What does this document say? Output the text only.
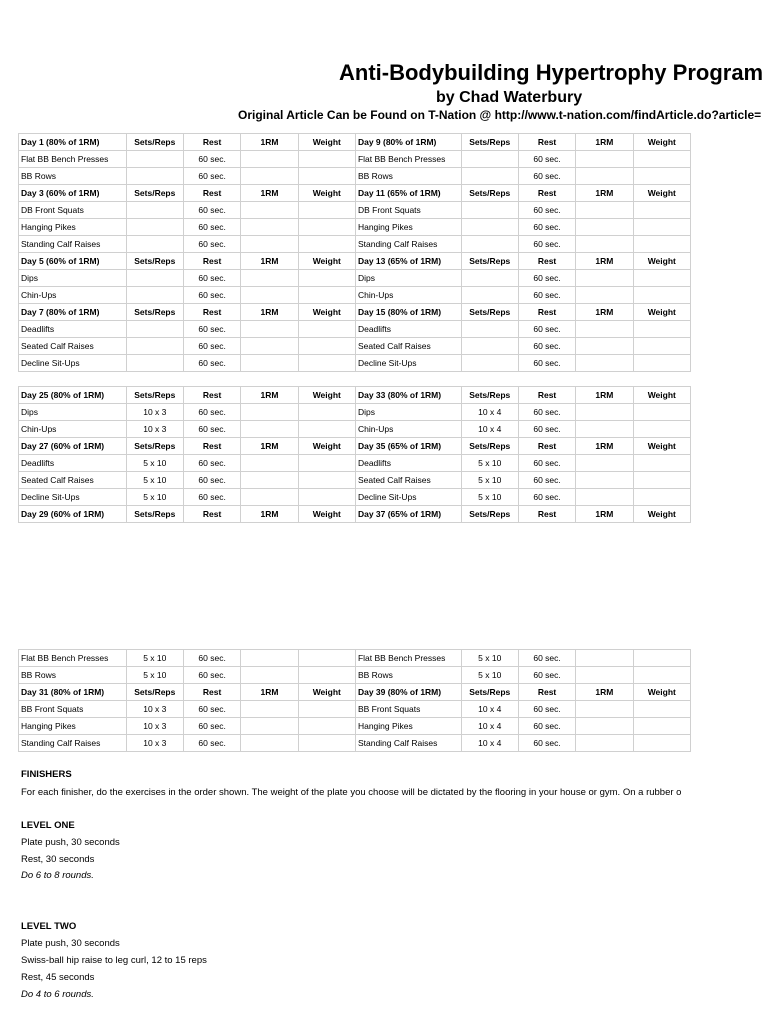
Anti-Bodybuilding Hypertrophy Program
by Chad Waterbury
Original Article Can be Found on T-Nation @ http://www.t-nation.com/findArticle.do?article=
Day 1 (80% of 1RM)	Sets/Reps	Rest	1RM	Weight	Day 9 (80% of 1RM)	Sets/Reps	Rest	1RM	Weight
Flat BB Bench Presses		60 sec.			Flat BB Bench Presses		60 sec.		
BB Rows		60 sec.			BB Rows		60 sec.		
Day 3 (60% of 1RM)	Sets/Reps	Rest	1RM	Weight	Day 11 (65% of 1RM)	Sets/Reps	Rest	1RM	Weight
DB Front Squats		60 sec.			DB Front Squats		60 sec.		
Hanging Pikes		60 sec.			Hanging Pikes		60 sec.		
Standing Calf Raises		60 sec.			Standing Calf Raises		60 sec.		
Day 5 (60% of 1RM)	Sets/Reps	Rest	1RM	Weight	Day 13 (65% of 1RM)	Sets/Reps	Rest	1RM	Weight
Dips		60 sec.			Dips		60 sec.		
Chin-Ups		60 sec.			Chin-Ups		60 sec.		
Day 7 (80% of 1RM)	Sets/Reps	Rest	1RM	Weight	Day 15 (80% of 1RM)	Sets/Reps	Rest	1RM	Weight
Deadlifts		60 sec.			Deadlifts		60 sec.		
Seated Calf Raises		60 sec.			Seated Calf Raises		60 sec.		
Decline Sit-Ups		60 sec.			Decline Sit-Ups		60 sec.		
Day 25 (80% of 1RM)	Sets/Reps	Rest	1RM	Weight	Day 33 (80% of 1RM)	Sets/Reps	Rest	1RM	Weight
Dips	10 x 3	60 sec.			Dips	10 x 4	60 sec.		
Chin-Ups	10 x 3	60 sec.			Chin-Ups	10 x 4	60 sec.		
Day 27 (60% of 1RM)	Sets/Reps	Rest	1RM	Weight	Day 35 (65% of 1RM)	Sets/Reps	Rest	1RM	Weight
Deadlifts	5 x 10	60 sec.			Deadlifts	5 x 10	60 sec.		
Seated Calf Raises	5 x 10	60 sec.			Seated Calf Raises	5 x 10	60 sec.		
Decline Sit-Ups	5 x 10	60 sec.			Decline Sit-Ups	5 x 10	60 sec.		
Day 29 (60% of 1RM)	Sets/Reps	Rest	1RM	Weight	Day 37 (65% of 1RM)	Sets/Reps	Rest	1RM	Weight
Flat BB Bench Presses	5 x 10	60 sec.			Flat BB Bench Presses	5 x 10	60 sec.		
BB Rows	5 x 10	60 sec.			BB Rows	5 x 10	60 sec.		
Day 31 (80% of 1RM)	Sets/Reps	Rest	1RM	Weight	Day 39 (80% of 1RM)	Sets/Reps	Rest	1RM	Weight
BB Front Squats	10 x 3	60 sec.			BB Front Squats	10 x 4	60 sec.		
Hanging Pikes	10 x 3	60 sec.			Hanging Pikes	10 x 4	60 sec.		
Standing Calf Raises	10 x 3	60 sec.			Standing Calf Raises	10 x 4	60 sec.		
FINISHERS
For each finisher, do the exercises in the order shown. The weight of the plate you choose will be dictated by the flooring in your house or gym. On a rubber o
LEVEL ONE
Plate push, 30 seconds
Rest, 30 seconds
Do 6 to 8 rounds.
LEVEL TWO
Plate push, 30 seconds
Swiss-ball hip raise to leg curl, 12 to 15 reps
Rest, 45 seconds
Do 4 to 6 rounds.
